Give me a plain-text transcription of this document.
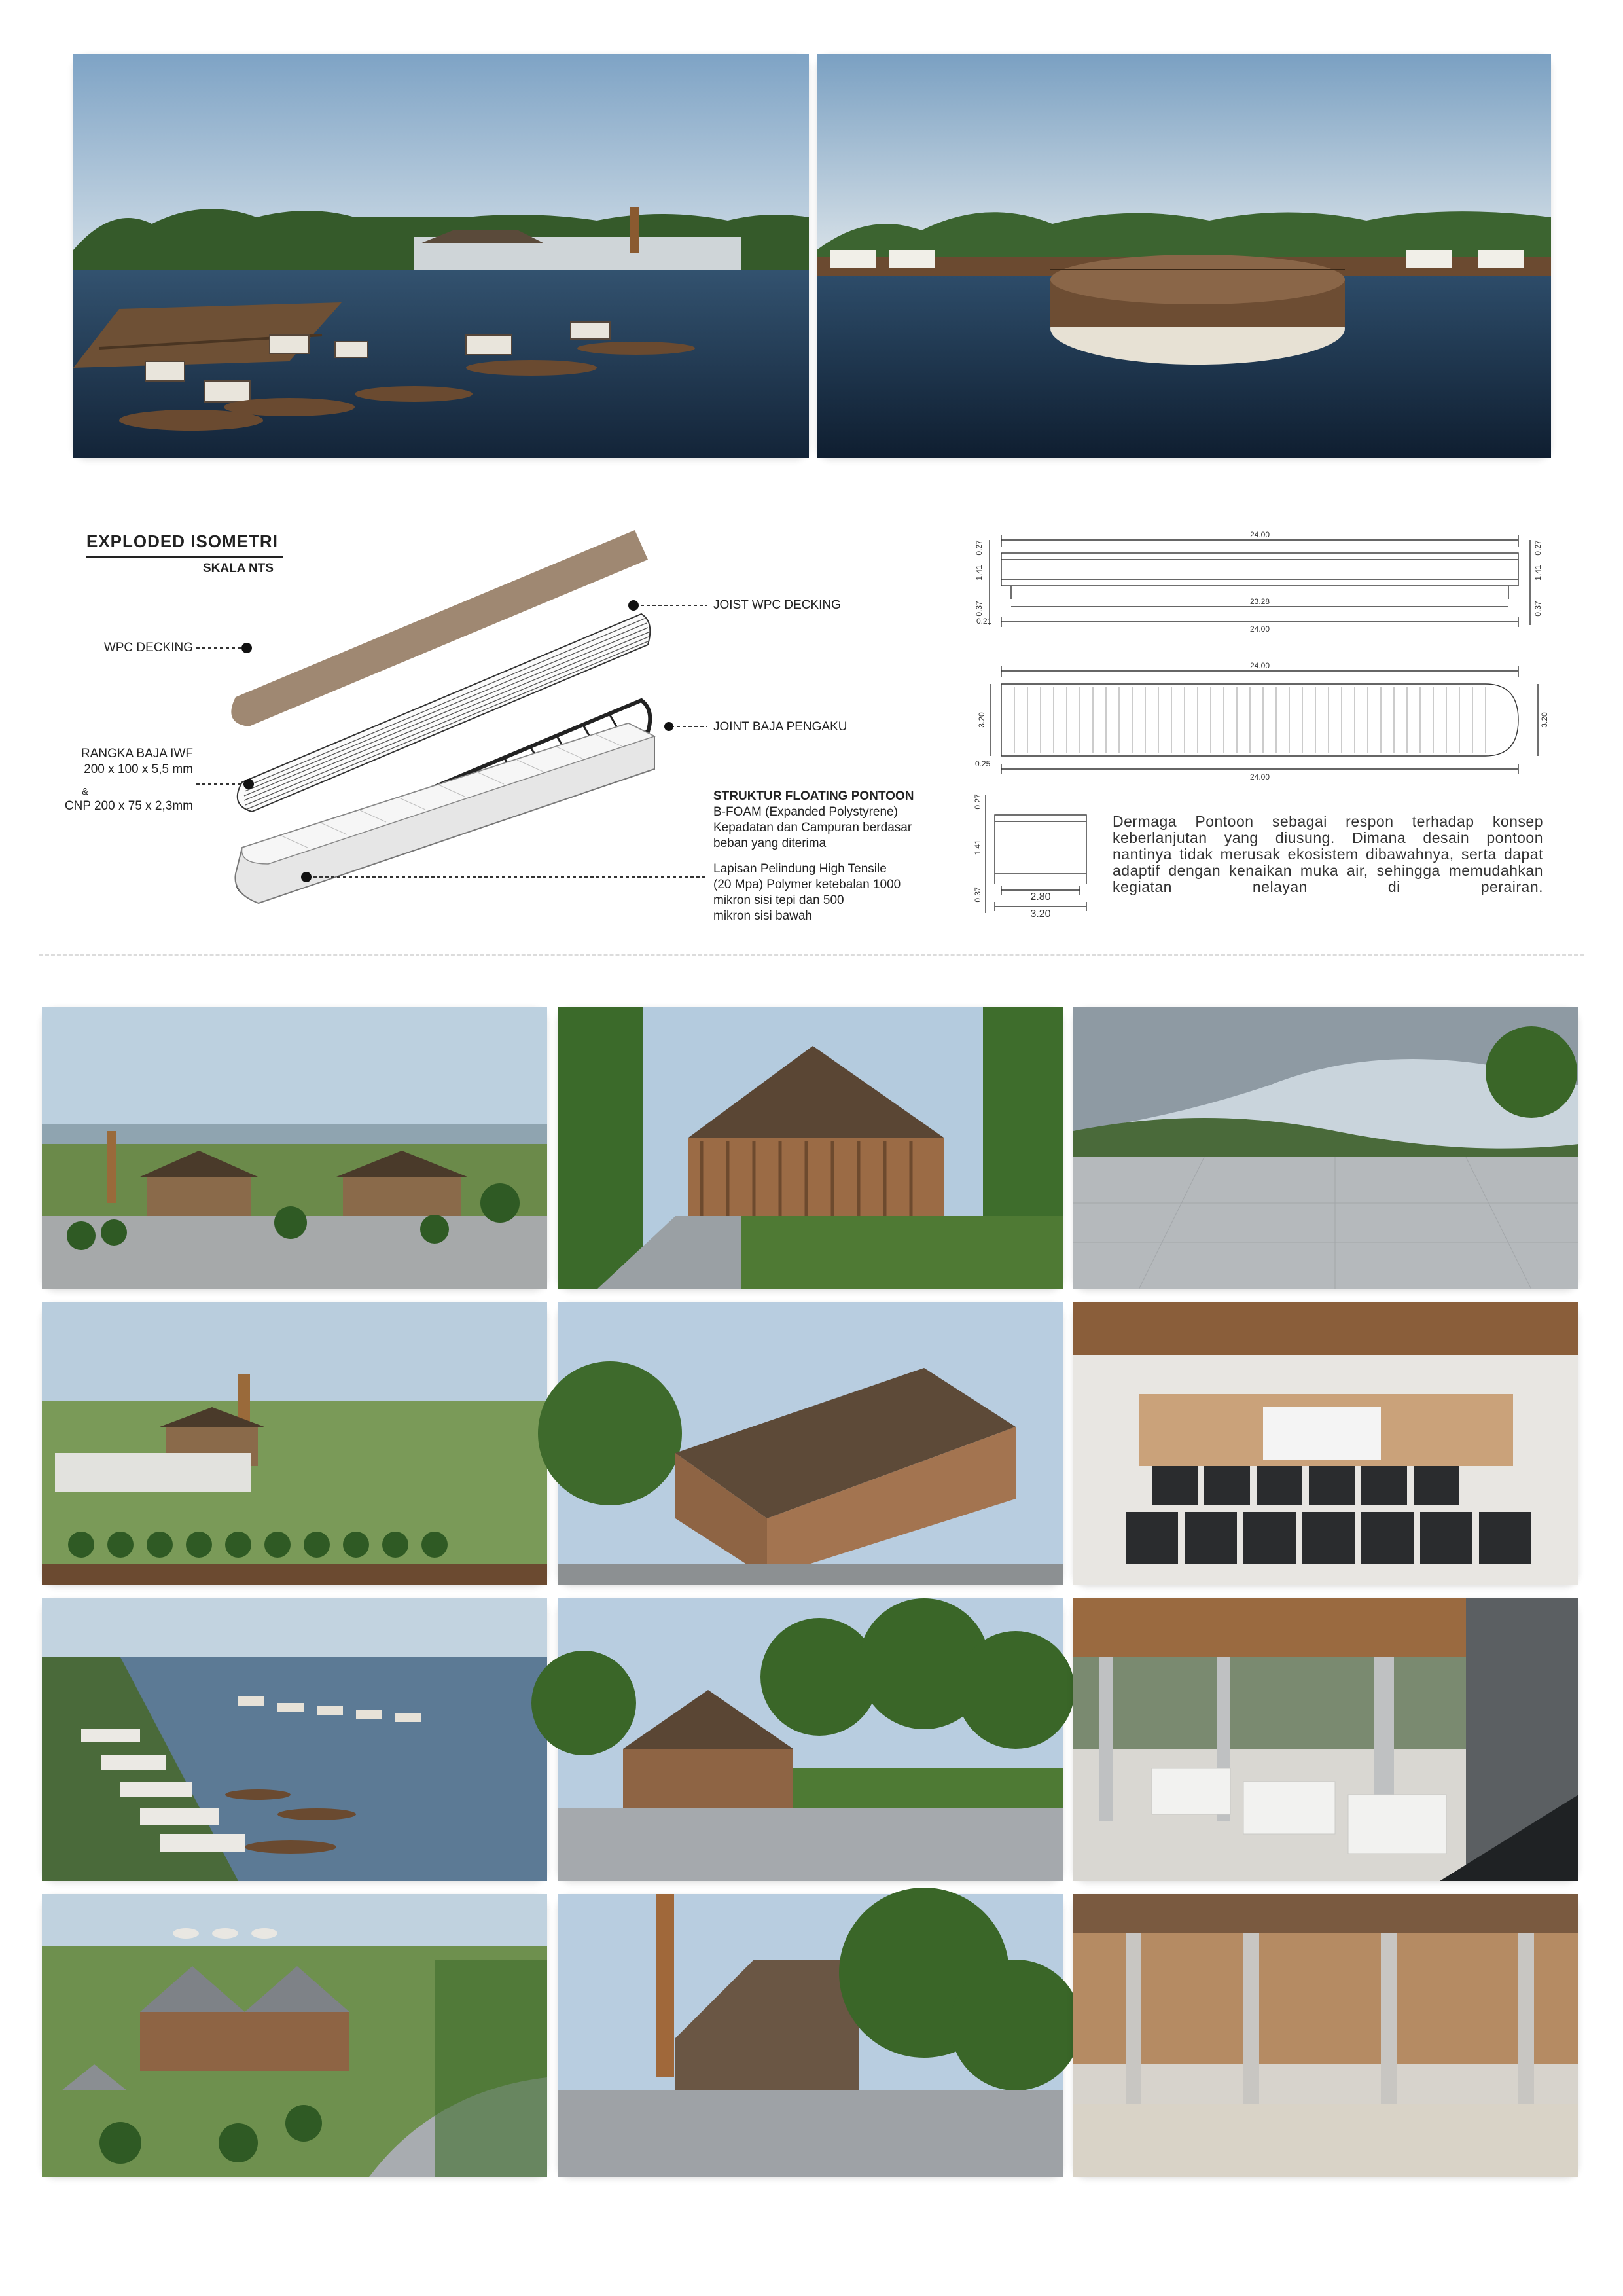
EXPLODED ISOMETRI
SKALA NTS
WPC DECKING
JOIST WPC DECKING
JOINT BAJA PENGAKU
RANGKA BAJA IWF
200 x 100 x 5,5 mm
&
CNP 200 x 75 x 2,3mm
STRUKTUR FLOATING PONTOON
B-FOAM (Expanded Polystyrene)
Kepadatan dan Campuran berdasar
beban yang diterima
Lapisan Pelindung High Tensile
(20 Mpa) Polymer ketebalan 1000
mikron sisi tepi dan 500
mikron sisi bawah
24.00
23.28
24.00
0.27
1.41
0.37
0.21
0.27
1.41
0.37
24.00
24.00
3.20	3.20
0.25
2.80
3.20
0.27
1.41
0.37
Dermaga Pontoon sebagai respon terhadap konsep keberlanjutan yang diusung. Dimana desain pontoon nantinya tidak merusak ekosistem dibawahnya, serta dapat adaptif dengan kenaikan muka air, sehingga memudahkan kegiatan nelayan di perairan.
